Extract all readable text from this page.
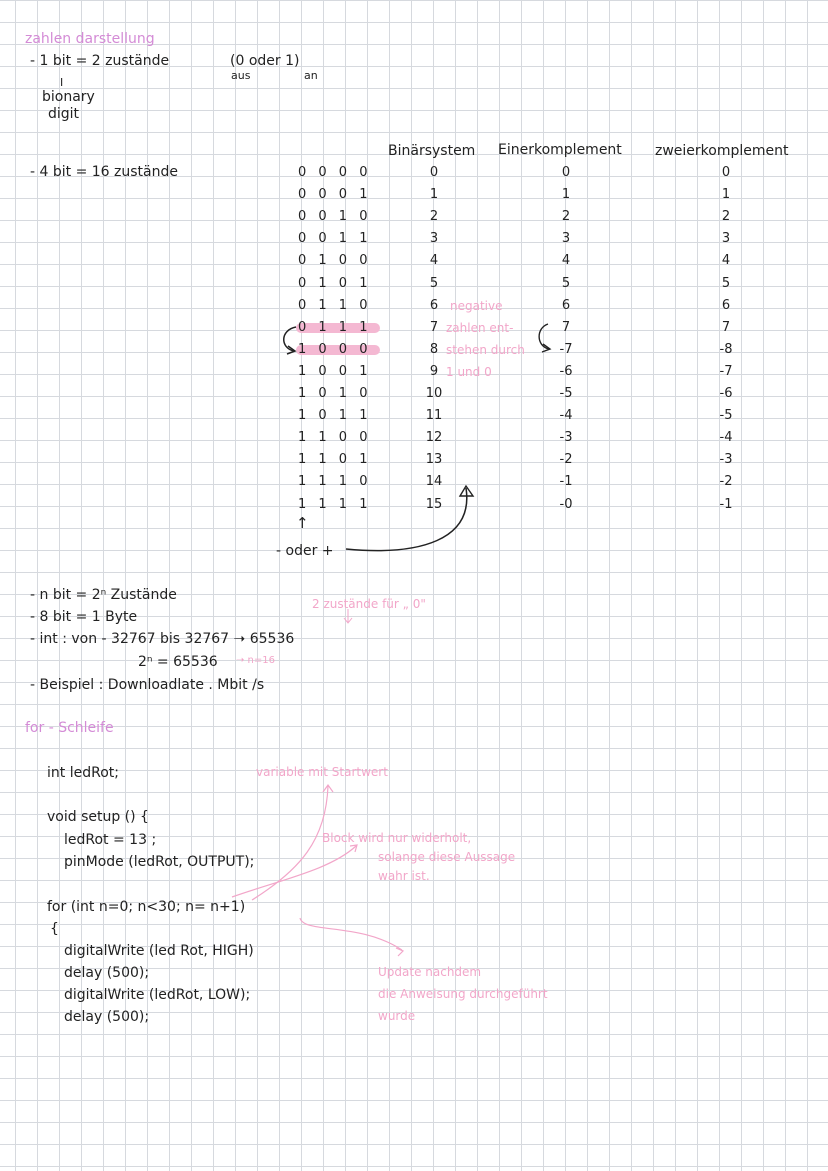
zahlen darstellung
- 1 bit = 2 zustände	(0 oder 1)
aus	an
I
bionary
digit
- 4 bit = 16 zustände
Binärsystem Einerkomplement zweierkomplement
0 0 0 0	0	0	0
0 0 0 1	1	1	1
0 0 1 0	2	2	2
0 0 1 1	3	3	3
0 1 0 0	4	4	4
0 1 0 1	5	5	5
0 1 1 0	6	6	6
0 1 1 1	7	7	7
1 0 0 0	8	-7	-8
1 0 0 1	9	-6	-7
1 0 1 0	10	-5	-6
1 0 1 1	11	-4	-5
1 1 0 0	12	-3	-4
1 1 0 1	13	-2	-3
1 1 1 0	14	-1	-2
1 1 1 1	15	-0	-1
negative
zahlen ent-
stehen durch
1 und 0
↑
- oder +
- n bit = 2ⁿ Zustände
- 8 bit = 1 Byte
2 zustände für „ 0"
- int : von - 32767 bis 32767 ➝ 65536
2ⁿ = 65536 ➝ n=16
- Beispiel : Downloadlate . Mbit /s
for - Schleife
int ledRot;
void setup () {
ledRot = 13 ;
pinMode (ledRot, OUTPUT);
for (int n=0; n<30; n= n+1)
{
digitalWrite (led Rot, HIGH)
delay (500);
digitalWrite (ledRot, LOW);
delay (500);
variable mit Startwert
Block wird nur widerholt,
solange diese Aussage
wahr ist.
Update nachdem
die Anweisung durchgeführt
wurde
